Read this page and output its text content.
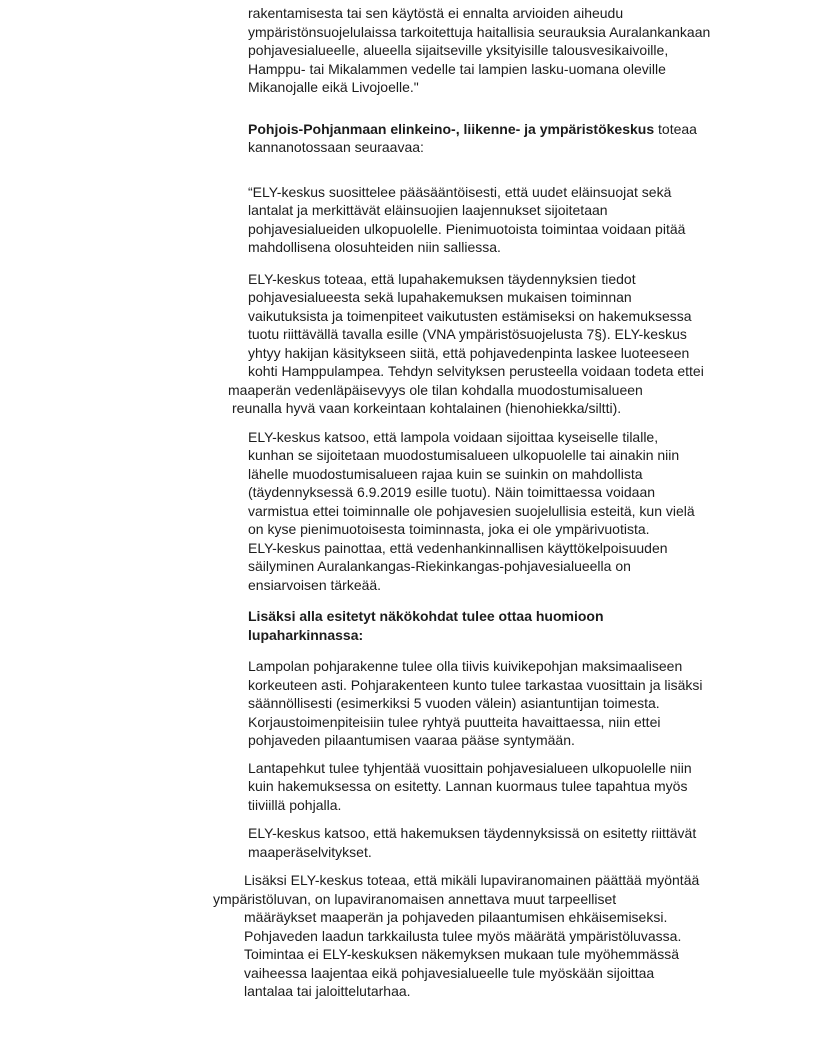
rakentamisesta tai sen käytöstä ei ennalta arvioiden aiheudu
ympäristönsuojelulaissa tarkoitettuja haitallisia seurauksia Auralankankaan
pohjavesialueelle, alueella sijaitseville yksityisille talousvesikaivoille,
Hamppu- tai Mikalammen vedelle tai lampien lasku-uomana oleville
Mikanojalle eikä Livojoelle."
Pohjois-Pohjanmaan elinkeino-, liikenne- ja ympäristökeskus toteaa
kannanotossaan seuraavaa:
“ELY-keskus suosittelee pääsääntöisesti, että uudet eläinsuojat sekä
lantalat ja merkittävät eläinsuojien laajennukset sijoitetaan
pohjavesialueiden ulkopuolelle. Pienimuotoista toimintaa voidaan pitää
mahdollisena olosuhteiden niin salliessa.
ELY-keskus toteaa, että lupahakemuksen täydennyksien tiedot
pohjavesialueesta sekä lupahakemuksen mukaisen toiminnan
vaikutuksista ja toimenpiteet vaikutusten estämiseksi on hakemuksessa
tuotu riittävällä tavalla esille (VNA ympäristösuojelusta 7§). ELY-keskus
yhtyy hakijan käsitykseen siitä, että pohjavedenpinta laskee luoteeseen
kohti Hamppulampea. Tehdyn selvityksen perusteella voidaan todeta ettei
maaperän vedenläpäisevyys ole tilan kohdalla muodostumisalueen
reunalla hyvä vaan korkeintaan kohtalainen (hienohiekka/siltti).
ELY-keskus katsoo, että lampola voidaan sijoittaa kyseiselle tilalle,
kunhan se sijoitetaan muodostumisalueen ulkopuolelle tai ainakin niin
lähelle muodostumisalueen rajaa kuin se suinkin on mahdollista
(täydennyksessä 6.9.2019 esille tuotu). Näin toimittaessa voidaan
varmistua ettei toiminnalle ole pohjavesien suojelullisia esteitä, kun vielä
on kyse pienimuotoisesta toiminnasta, joka ei ole ympärivuotista.
ELY-keskus painottaa, että vedenhankinnallisen käyttökelpoisuuden
säilyminen Auralankangas-Riekinkangas-pohjavesialueella on
ensiarvoisen tärkeää.
Lisäksi alla esitetyt näkökohdat tulee ottaa huomioon
lupaharkinnassa:
Lampolan pohjarakenne tulee olla tiivis kuivikepohjan maksimaaliseen
korkeuteen asti. Pohjarakenteen kunto tulee tarkastaa vuosittain ja lisäksi
säännöllisesti (esimerkiksi 5 vuoden välein) asiantuntijan toimesta.
Korjaustoimenpiteisiin tulee ryhtyä puutteita havaittaessa, niin ettei
pohjaveden pilaantumisen vaaraa pääse syntymään.
Lantapehkut tulee tyhjentää vuosittain pohjavesialueen ulkopuolelle niin
kuin hakemuksessa on esitetty. Lannan kuormaus tulee tapahtua myös
tiiviillä pohjalla.
ELY-keskus katsoo, että hakemuksen täydennyksissä on esitetty riittävät
maaperäselvitykset.
Lisäksi ELY-keskus toteaa, että mikäli lupaviranomainen päättää myöntää
ympäristöluvan, on lupaviranomaisen annettava muut tarpeelliset
määräykset maaperän ja pohjaveden pilaantumisen ehkäisemiseksi.
Pohjaveden laadun tarkkailusta tulee myös määrätä ympäristöluvassa.
Toimintaa ei ELY-keskuksen näkemyksen mukaan tule myöhemmässä
vaiheessa laajentaa eikä pohjavesialueelle tule myöskään sijoittaa
lantalaa tai jaloittelutarhaa.
